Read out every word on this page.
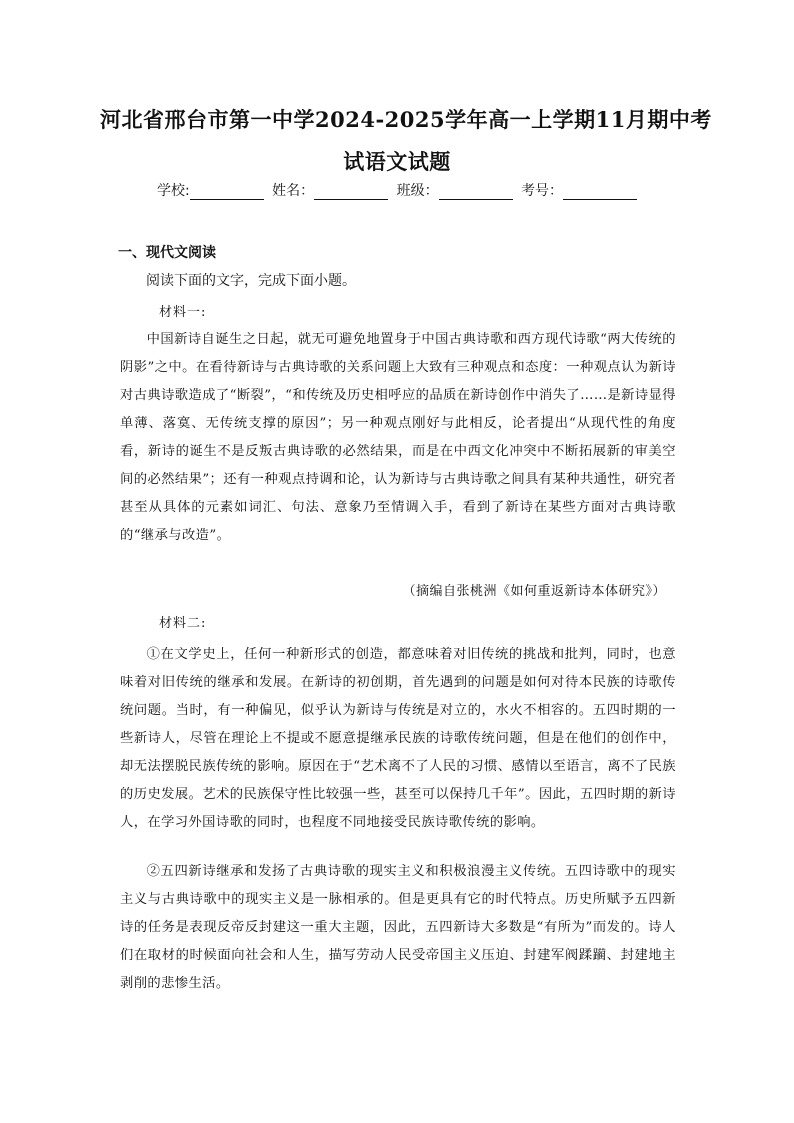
河北省邢台市第一中学2024-2025学年高一上学期11月期中考
试语文试题
学校:	姓名：	班级：	考号：
一、现代文阅读
阅读下面的文字，完成下面小题。
材料一:
中国新诗自诞生之日起，就无可避免地置身于中国古典诗歌和西方现代诗歌“两大传统的阴影”之中。在看待新诗与古典诗歌的关系问题上大致有三种观点和态度：一种观点认为新诗对古典诗歌造成了“断裂”，“和传统及历史相呼应的品质在新诗创作中消失了……是新诗显得单薄、落寞、无传统支撑的原因”；另一种观点刚好与此相反，论者提出“从现代性的角度看，新诗的诞生不是反叛古典诗歌的必然结果，而是在中西文化冲突中不断拓展新的审美空间的必然结果”；还有一种观点持调和论，认为新诗与古典诗歌之间具有某种共通性，研究者甚至从具体的元素如词汇、句法、意象乃至情调入手，看到了新诗在某些方面对古典诗歌的“继承与改造”。
（摘编自张桃洲《如何重返新诗本体研究》）
材料二:
①在文学史上，任何一种新形式的创造，都意味着对旧传统的挑战和批判，同时，也意味着对旧传统的继承和发展。在新诗的初创期，首先遇到的问题是如何对待本民族的诗歌传统问题。当时，有一种偏见，似乎认为新诗与传统是对立的，水火不相容的。五四时期的一些新诗人，尽管在理论上不提或不愿意提继承民族的诗歌传统问题，但是在他们的创作中，却无法摆脱民族传统的影响。原因在于“艺术离不了人民的习惯、感情以至语言，离不了民族的历史发展。艺术的民族保守性比较强一些，甚至可以保持几千年”。因此，五四时期的新诗人，在学习外国诗歌的同时，也程度不同地接受民族诗歌传统的影响。
②五四新诗继承和发扬了古典诗歌的现实主义和积极浪漫主义传统。五四诗歌中的现实主义与古典诗歌中的现实主义是一脉相承的。但是更具有它的时代特点。历史所赋予五四新诗的任务是表现反帝反封建这一重大主题，因此，五四新诗大多数是“有所为”而发的。诗人们在取材的时候面向社会和人生，描写劳动人民受帝国主义压迫、封建军阀蹂躏、封建地主剥削的悲惨生活。
